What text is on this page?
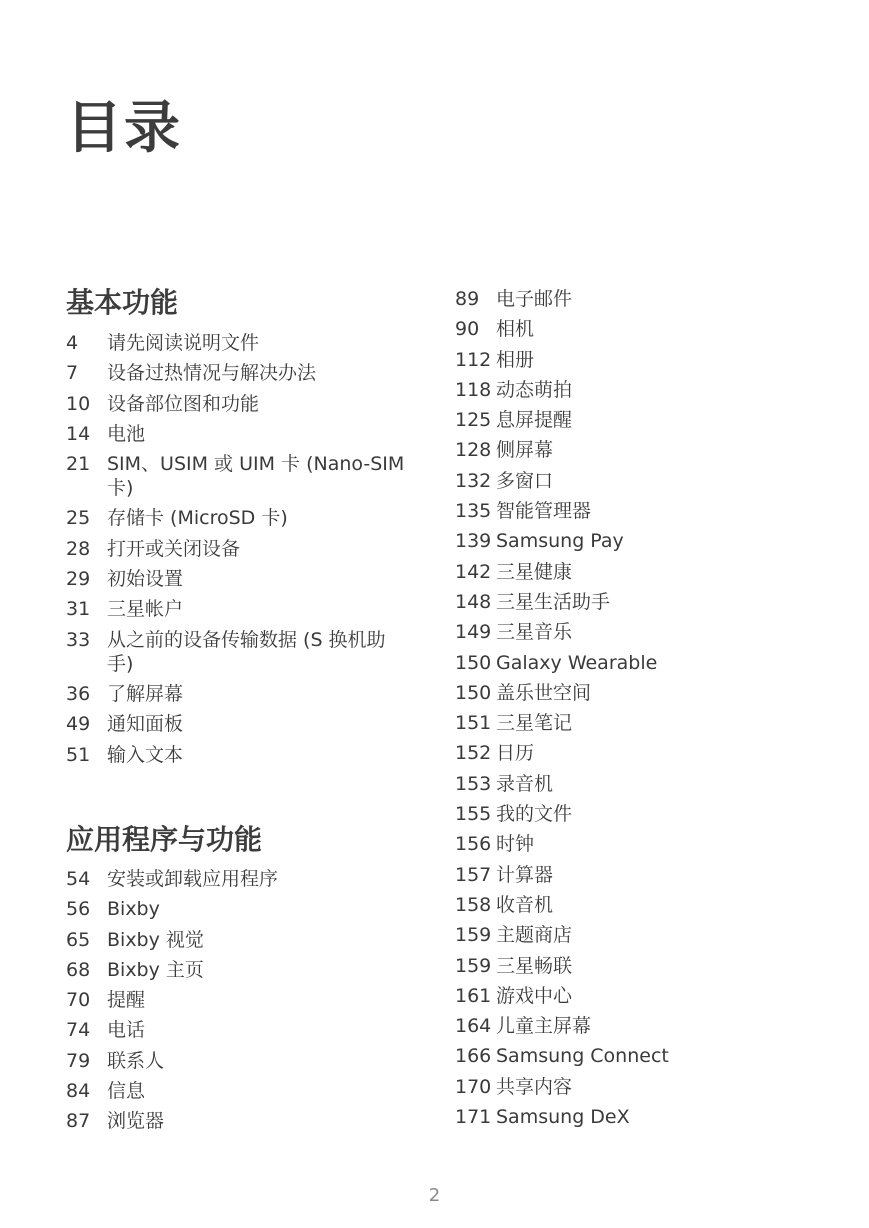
目录
基本功能
4	请先阅读说明文件
7	设备过热情况与解决办法
10 设备部位图和功能
14 电池
21 SIM、USIM 或 UIM 卡 (Nano-SIM 卡)
25 存储卡 (MicroSD 卡)
28 打开或关闭设备
29 初始设置
31 三星帐户
33 从之前的设备传输数据 (S 换机助手)
36 了解屏幕
49 通知面板
51 输入文本
应用程序与功能
54 安装或卸载应用程序
56 Bixby
65 Bixby 视觉
68 Bixby 主页
70 提醒
74 电话
79 联系人
84 信息
87 浏览器
89 电子邮件
90 相机
112 相册
118 动态萌拍
125 息屏提醒
128 侧屏幕
132 多窗口
135 智能管理器
139 Samsung Pay
142 三星健康
148 三星生活助手
149 三星音乐
150 Galaxy Wearable
150 盖乐世空间
151 三星笔记
152 日历
153 录音机
155 我的文件
156 时钟
157 计算器
158 收音机
159 主题商店
159 三星畅联
161 游戏中心
164 儿童主屏幕
166 Samsung Connect
170 共享内容
171 Samsung DeX
2
